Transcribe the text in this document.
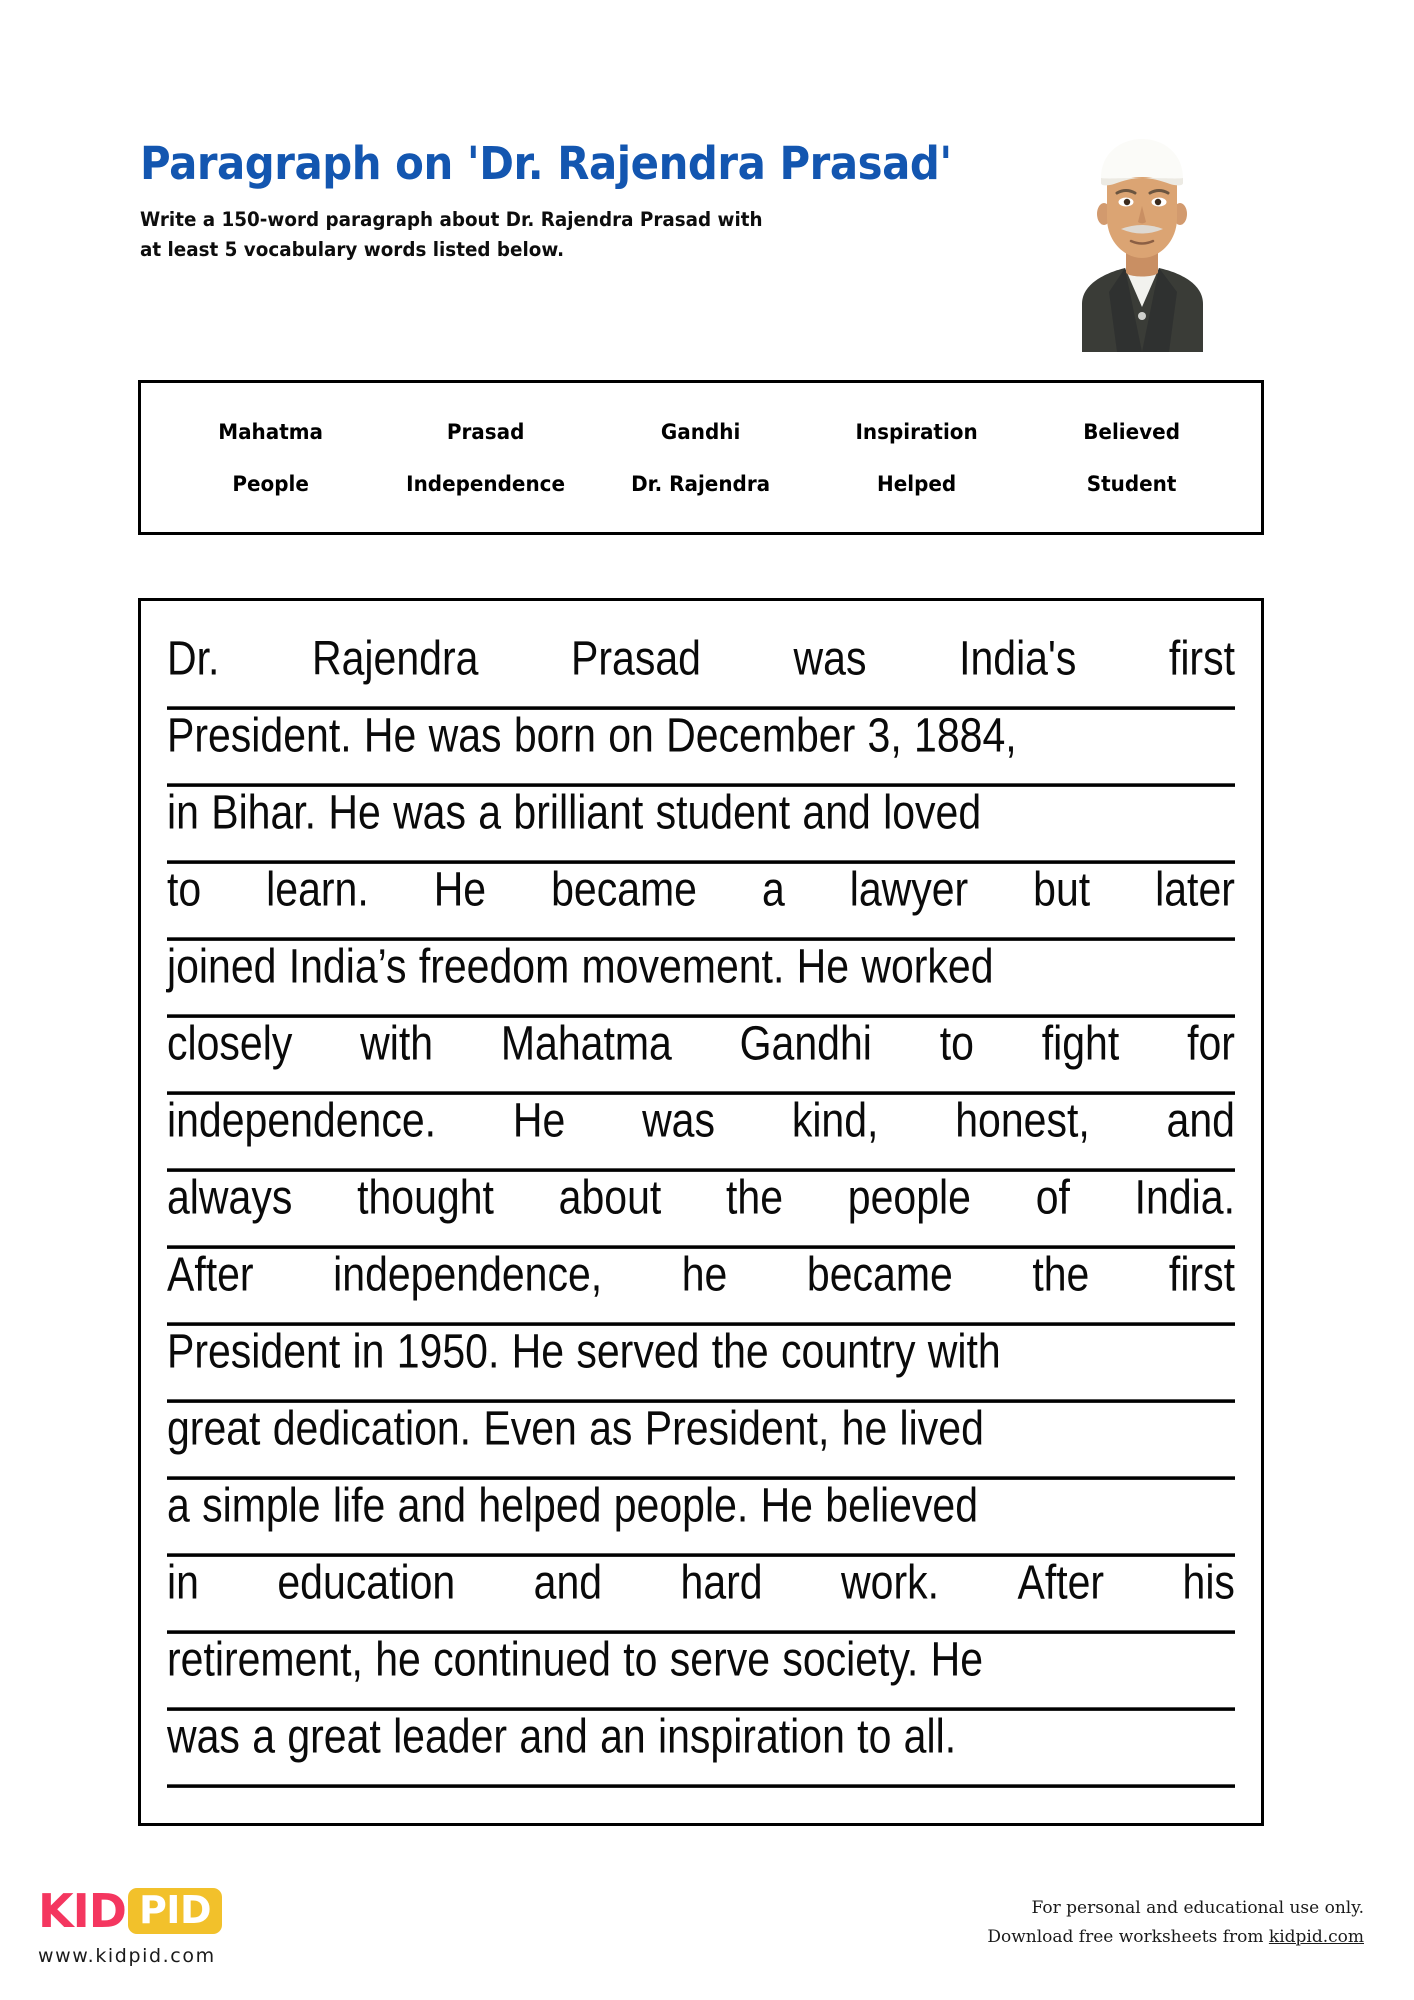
Paragraph on 'Dr. Rajendra Prasad'
Write a 150-word paragraph about Dr. Rajendra Prasad with
at least 5 vocabulary words listed below.
Mahatma	Prasad	Gandhi	Inspiration	Believed
People	Independence	Dr. Rajendra	Helped	Student
Dr. Rajendra Prasad was India's first
President. He was born on December 3, 1884,
in Bihar. He was a brilliant student and loved
to learn. He became a lawyer but later
joined India’s freedom movement. He worked
closely with Mahatma Gandhi to fight for
independence. He was kind, honest, and
always thought about the people of India.
After independence, he became the first
President in 1950. He served the country with
great dedication. Even as President, he lived
a simple life and helped people. He believed
in education and hard work. After his
retirement, he continued to serve society. He
was a great leader and an inspiration to all.
KID PID
www.kidpid.com
For personal and educational use only.
Download free worksheets from kidpid.com
